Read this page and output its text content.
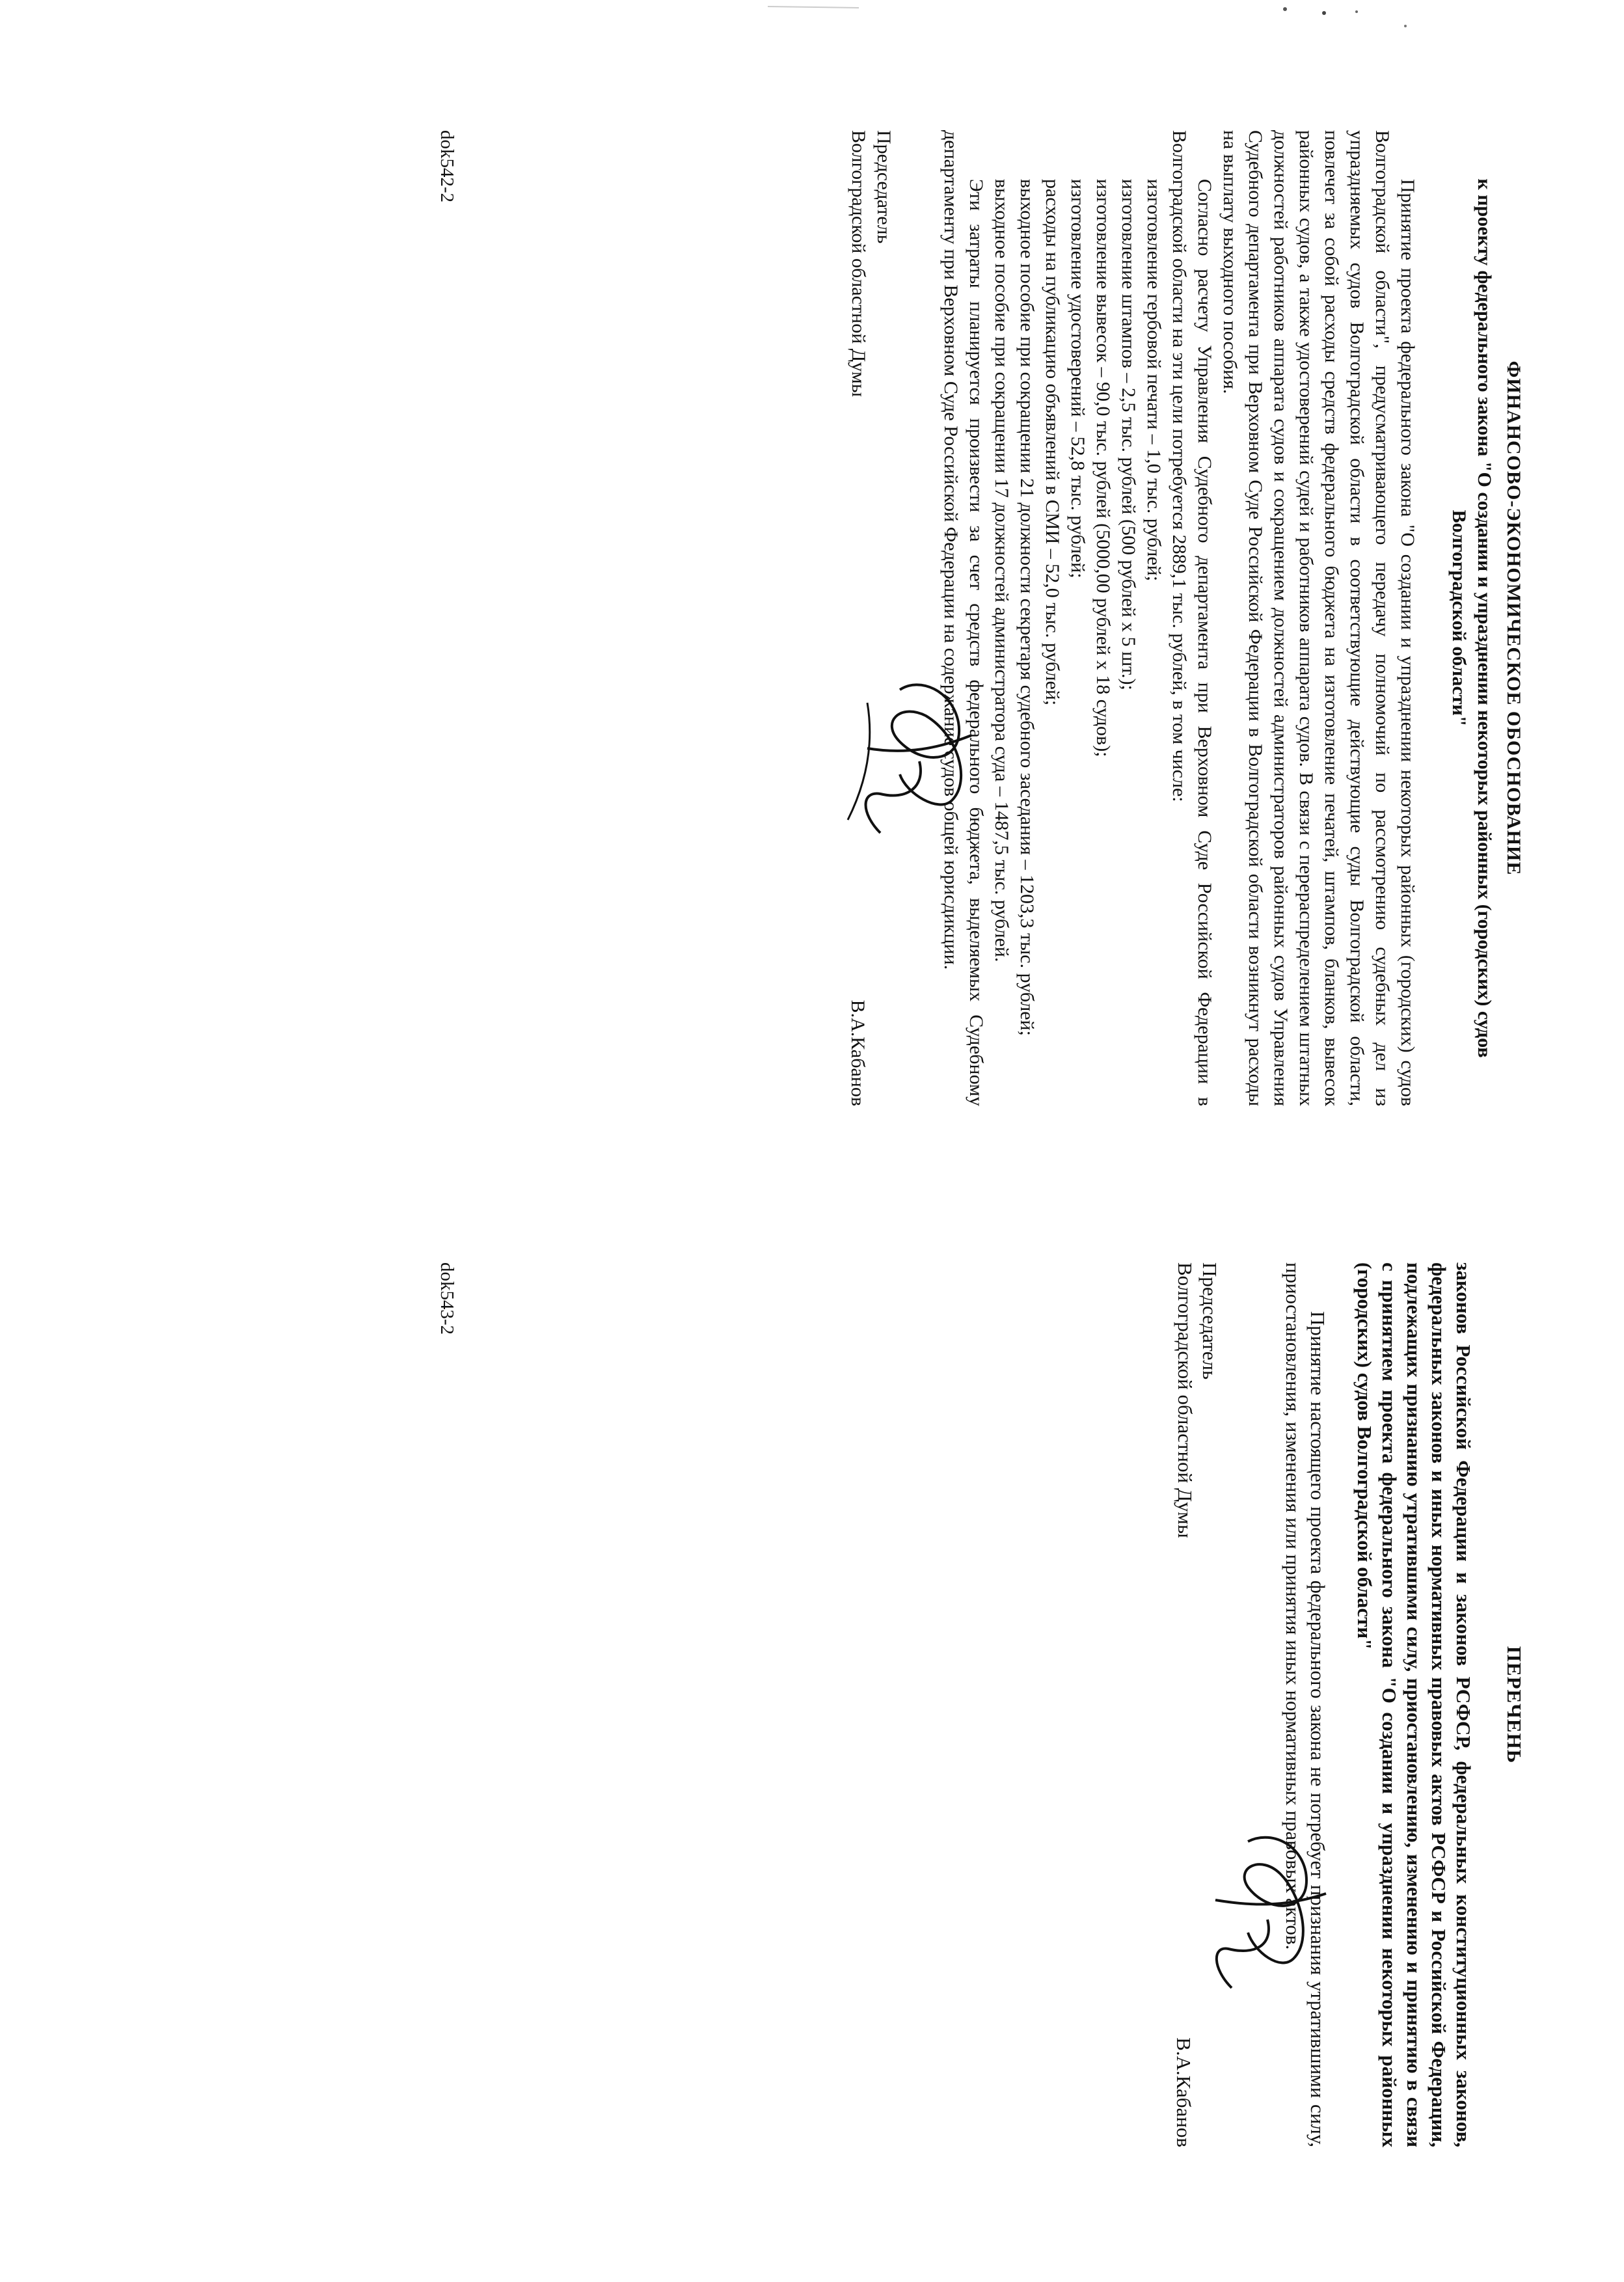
ФИНАНСОВО-ЭКОНОМИЧЕСКОЕ ОБОСНОВАНИЕ

к проекту федерального закона "О создании и упразднении некоторых районных (городских) судов Волгоградской области"

Принятие проекта федерального закона "О создании и упразднении некоторых районных (городских) судов Волгоградской области", предусматривающего передачу полномочий по рассмотрению судебных дел из упраздняемых судов Волгоградской области в соответствующие действующие суды Волгоградской области, повлечет за собой расходы средств федерального бюджета на изготовление печатей, штампов, бланков, вывесок районных судов, а также удостоверений судей и работников аппарата судов. В связи с перераспределением штатных должностей работников аппарата судов и сокращением должностей администраторов районных судов Управления Судебного департамента при Верховном Суде Российской Федерации в Волгоградской области возникнут расходы на выплату выходного пособия.

Согласно расчету Управления Судебного департамента при Верховном Суде Российской Федерации в Волгоградской области на эти цели потребуется 2889,1 тыс. рублей, в том числе:

изготовление гербовой печати – 1,0 тыс. рублей;

изготовление штампов – 2,5 тыс. рублей (500 рублей x 5 шт.);

изготовление вывесок – 90,0 тыс. рублей (5000,00 рублей x 18 судов);

изготовление удостоверений – 52,8 тыс. рублей;

расходы на публикацию объявлений в СМИ – 52,0 тыс. рублей;

выходное пособие при сокращении 21 должности секретаря судебного заседания – 1203,3 тыс. рублей;

выходное пособие при сокращении 17 должностей администратора суда – 1487,5 тыс. рублей.

Эти затраты планируется произвести за счет средств федерального бюджета, выделяемых Судебному департаменту при Верховном Суде Российской Федерации на содержание судов общей юрисдикции.

Председатель
Волгоградской областной Думы
В.А.Кабанов
dok542-2

ПЕРЕЧЕНЬ

законов Российской Федерации и законов РСФСР, федеральных конституционных законов, федеральных законов и иных нормативных правовых актов РСФСР и Российской Федерации, подлежащих признанию утратившими силу, приостановлению, изменению и принятию в связи с принятием проекта федерального закона "О создании и упразднении некоторых районных (городских) судов Волгоградской области"

Принятие настоящего проекта федерального закона не потребует признания утратившими силу, приостановления, изменения или принятия иных нормативных правовых актов.

Председатель
Волгоградской областной Думы
В.А.Кабанов
dok543-2
